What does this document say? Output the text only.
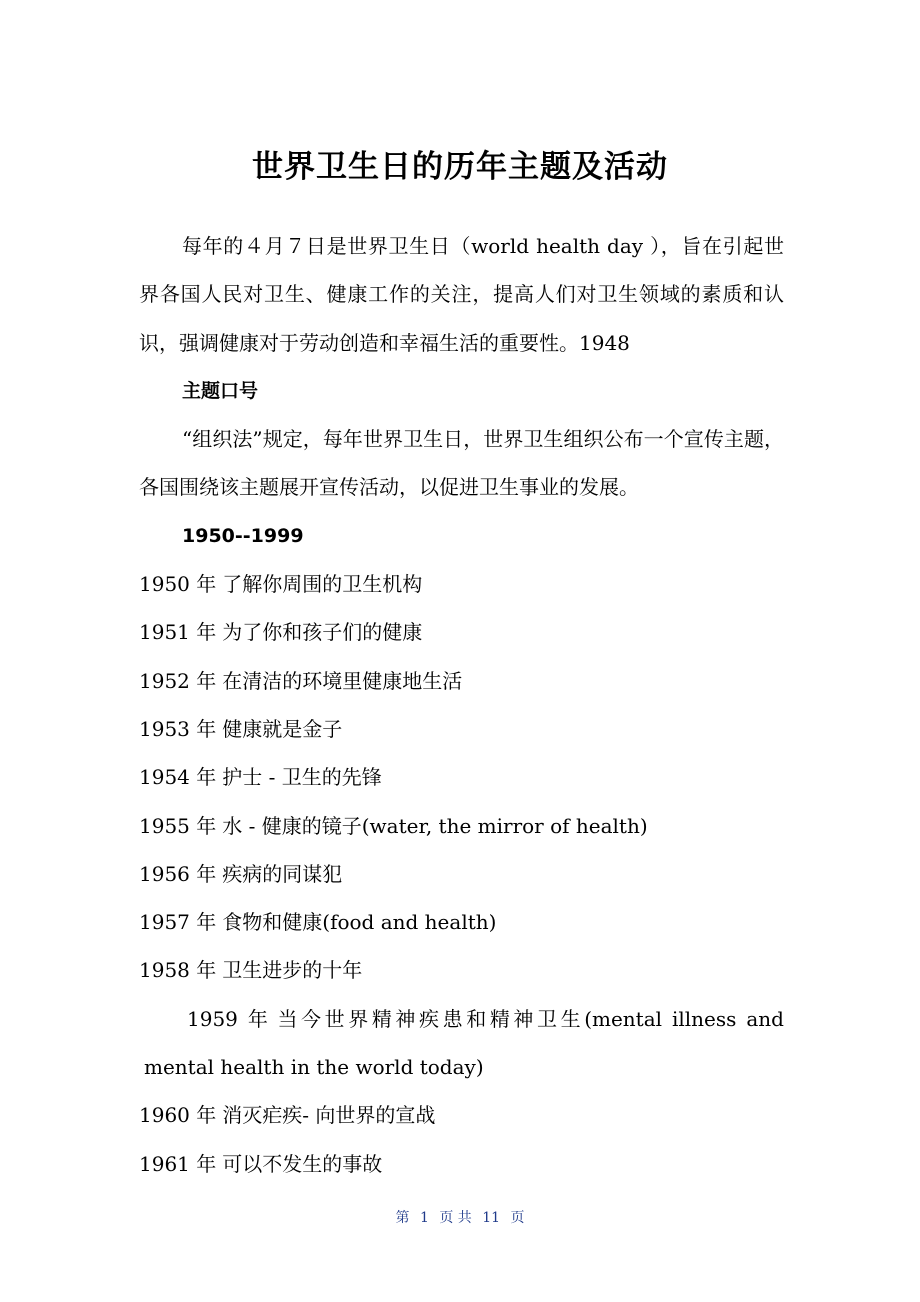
世界卫生日的历年主题及活动

每年的４月７日是世界卫生日（world health day ），旨在引起世界各国人民对卫生、健康工作的关注，提高人们对卫生领域的素质和认识，强调健康对于劳动创造和幸福生活的重要性。1948

主题口号

“组织法”规定，每年世界卫生日，世界卫生组织公布一个宣传主题，各国围绕该主题展开宣传活动，以促进卫生事业的发展。

1950--1999

1950 年 了解你周围的卫生机构

1951 年 为了你和孩子们的健康

1952 年 在清洁的环境里健康地生活

1953 年 健康就是金子

1954 年 护士 - 卫生的先锋

1955 年 水 - 健康的镜子(water, the mirror of health)

1956 年 疾病的同谋犯

1957 年 食物和健康(food and health)

1958 年 卫生进步的十年

1959 年 当今世界精神疾患和精神卫生(mental illness and mental health in the world today)

1960 年 消灭疟疾- 向世界的宣战

1961 年 可以不发生的事故

第 1 页 共 11 页
